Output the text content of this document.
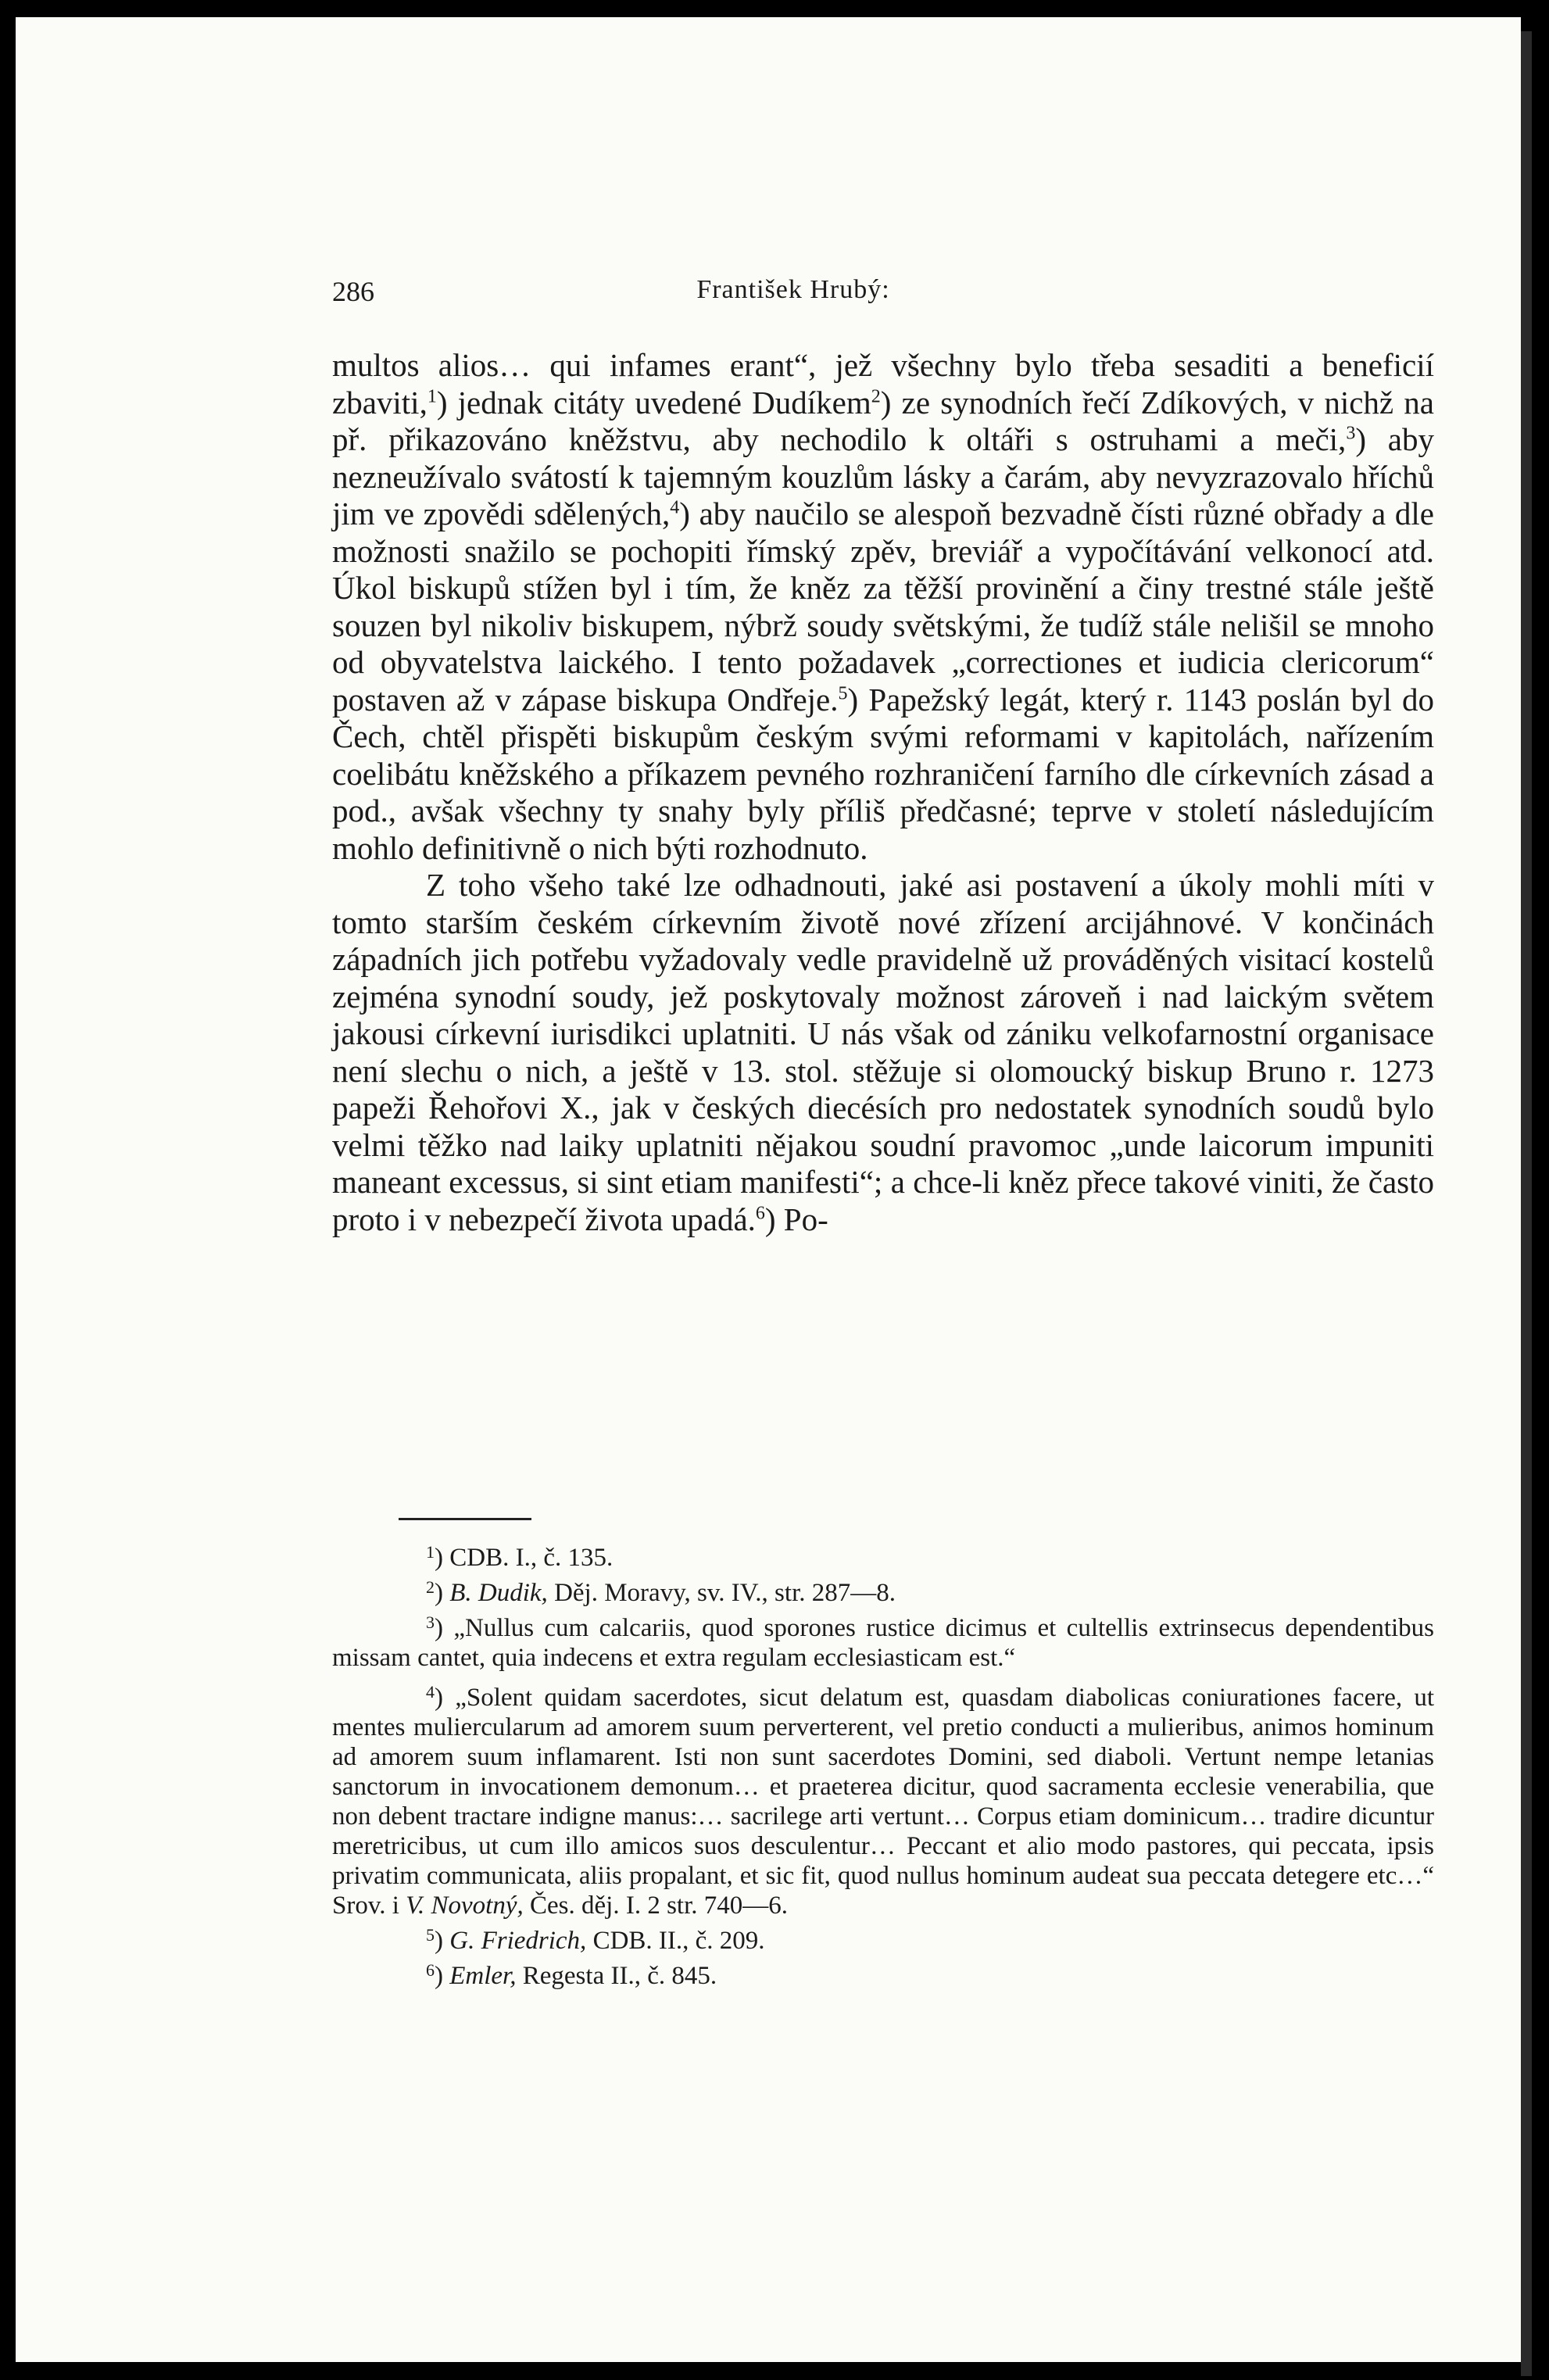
286	František Hrubý:

multos alios… qui infames erant“, jež všechny bylo třeba sesaditi a beneficií zbaviti,$^1$) jednak citáty uvedené Dudíkem$^2$) ze synodních řečí Zdíkových, v nichž na př. přikazováno kněžstvu, aby nechodilo k oltáři s ostruhami a meči,$^3$) aby nezneužívalo svátostí k tajemným kouzlům lásky a čarám, aby nevyzrazovalo hříchů jim ve zpovědi sdělených,$^4$) aby naučilo se alespoň bezvadně čísti různé obřady a dle možnosti snažilo se pochopiti římský zpěv, breviář a vypočítávání velkonocí atd. Úkol biskupů stížen byl i tím, že kněz za těžší provinění a činy trestné stále ještě souzen byl nikoliv biskupem, nýbrž soudy světskými, že tudíž stále nelišil se mnoho od obyvatelstva laického. I tento požadavek „correctiones et iudicia clericorum“ postaven až v zápase biskupa Ondřeje.$^5$) Papežský legát, který r. 1143 poslán byl do Čech, chtěl přispěti biskupům českým svými reformami v kapitolách, nařízením coelibátu kněžského a příkazem pevného rozhraničení farního dle církevních zásad a pod., avšak všechny ty snahy byly příliš předčasné; teprve v století následujícím mohlo definitivně o nich býti rozhodnuto.

Z toho všeho také lze odhadnouti, jaké asi postavení a úkoly mohli míti v tomto starším českém církevním životě nové zřízení arcijáhnové. V končinách západních jich potřebu vyžadovaly vedle pravidelně už prováděných visitací kostelů zejména synodní soudy, jež poskytovaly možnost zároveň i nad laickým světem jakousi církevní iurisdikci uplatniti. U nás však od zániku velkofarnostní organisace není slechu o nich, a ještě v 13. stol. stěžuje si olomoucký biskup Bruno r. 1273 papeži Řehořovi X., jak v českých diecésích pro nedostatek synodních soudů bylo velmi těžko nad laiky uplatniti nějakou soudní pravomoc „unde laicorum impuniti maneant excessus, si sint etiam manifesti“; a chce-li kněz přece takové viniti, že často proto i v nebezpečí života upadá.$^6$) Po-

$^1$) CDB. I., č. 135.

$^2$) B. Dudik, Děj. Moravy, sv. IV., str. 287—8.

$^3$) „Nullus cum calcariis, quod sporones rustice dicimus et cultellis extrinsecus dependentibus missam cantet, quia indecens et extra regulam ecclesiasticam est.“

$^4$) „Solent quidam sacerdotes, sicut delatum est, quasdam diabolicas coniurationes facere, ut mentes muliercularum ad amorem suum perverterent, vel pretio conducti a mulieribus, animos hominum ad amorem suum inflamarent. Isti non sunt sacerdotes Domini, sed diaboli. Vertunt nempe letanias sanctorum in invocationem demonum… et praeterea dicitur, quod sacramenta ecclesie venerabilia, que non debent tractare indigne manus:… sacrilege arti vertunt… Corpus etiam dominicum… tradire dicuntur meretricibus, ut cum illo amicos suos desculentur… Peccant et alio modo pastores, qui peccata, ipsis privatim communicata, aliis propalant, et sic fit, quod nullus hominum audeat sua peccata detegere etc…“ Srov. i V. Novotný, Čes. děj. I. 2 str. 740—6.

$^5$) G. Friedrich, CDB. II., č. 209.

$^6$) Emler, Regesta II., č. 845.
